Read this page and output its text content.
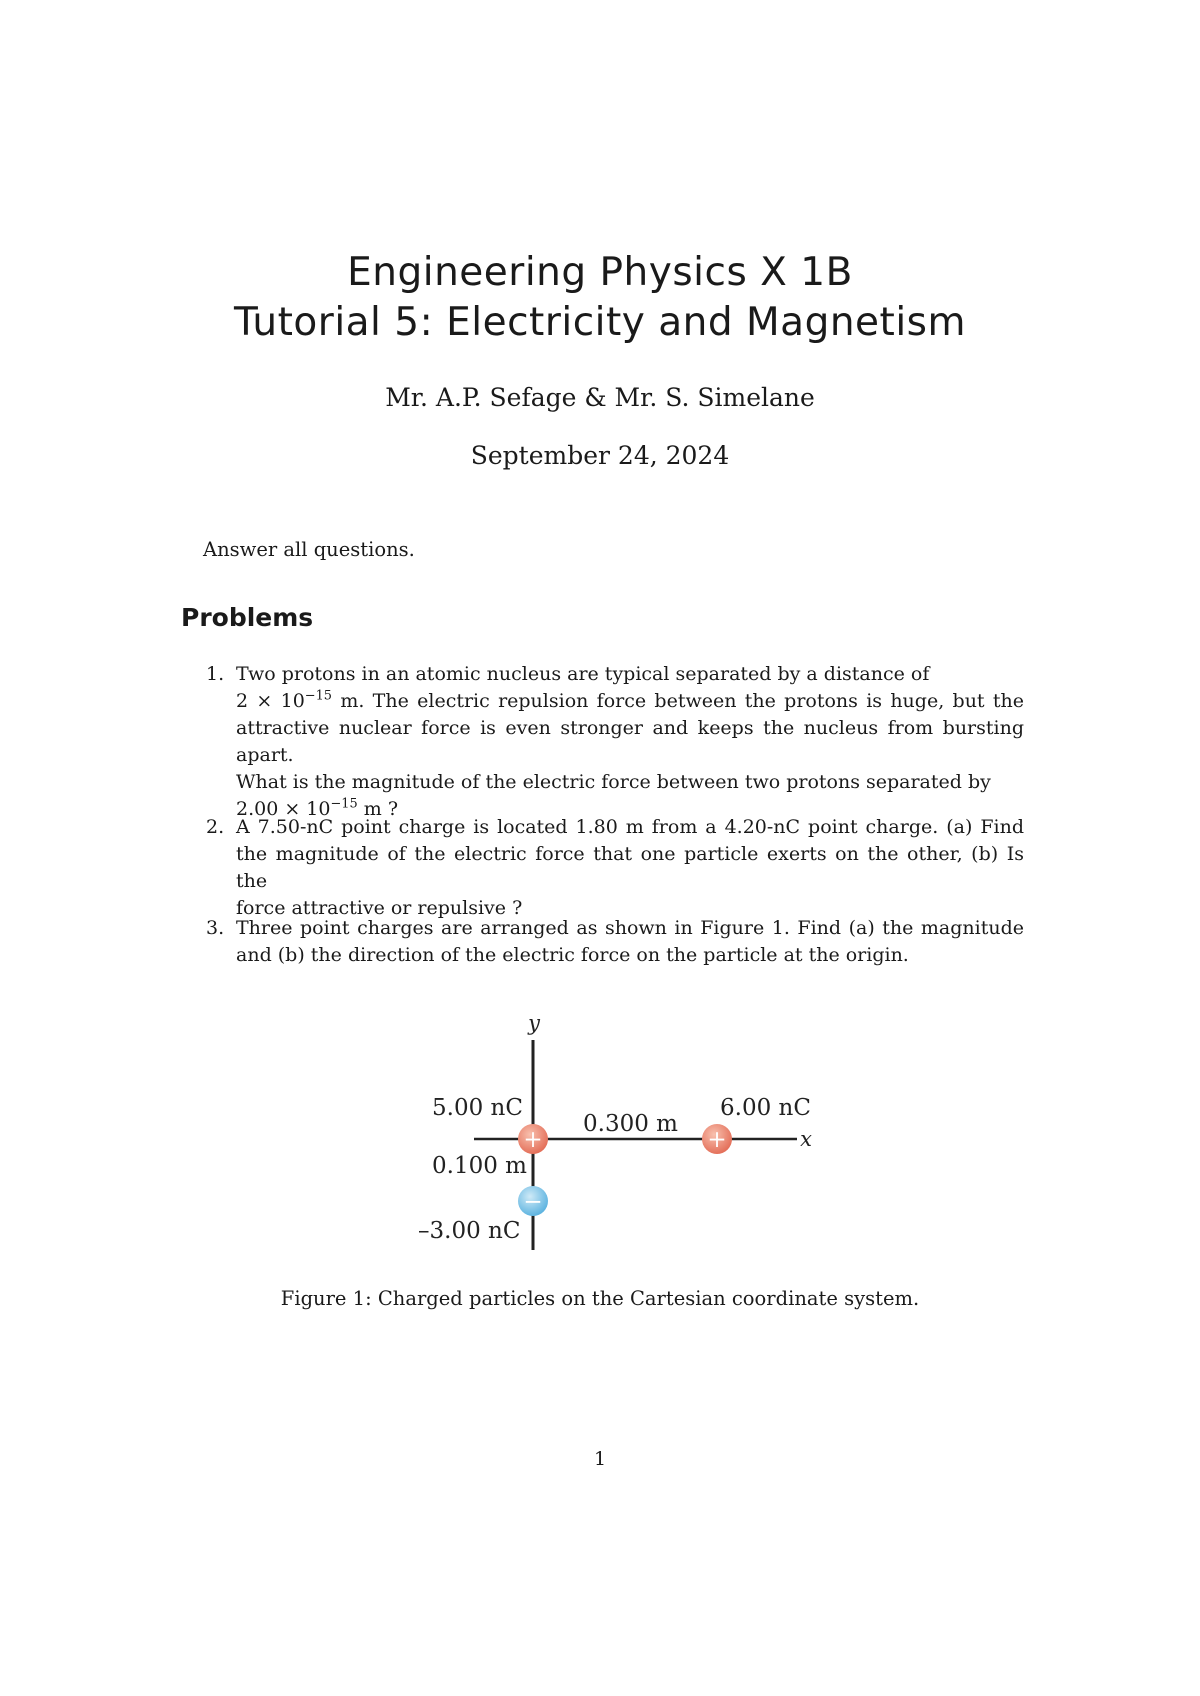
Engineering Physics X 1B
Tutorial 5: Electricity and Magnetism
Mr. A.P. Sefage & Mr. S. Simelane
September 24, 2024
Answer all questions.
Problems
1. Two protons in an atomic nucleus are typical separated by a distance of
$2 \times 10^{-15}$ m. The electric repulsion force between the protons is huge, but the
attractive nuclear force is even stronger and keeps the nucleus from bursting apart.
What is the magnitude of the electric force between two protons separated by
$2.00 \times 10^{-15}$ m ?
2. A 7.50-nC point charge is located 1.80 m from a 4.20-nC point charge. (a) Find
the magnitude of the electric force that one particle exerts on the other, (b) Is the
force attractive or repulsive ?
3. Three point charges are arranged as shown in Figure 1. Find (a) the magnitude
and (b) the direction of the electric force on the particle at the origin.
y
x
5.00 nC
0.300 m
6.00 nC
0.100 m
–3.00 nC
+	+
−
Figure 1: Charged particles on the Cartesian coordinate system.
1
